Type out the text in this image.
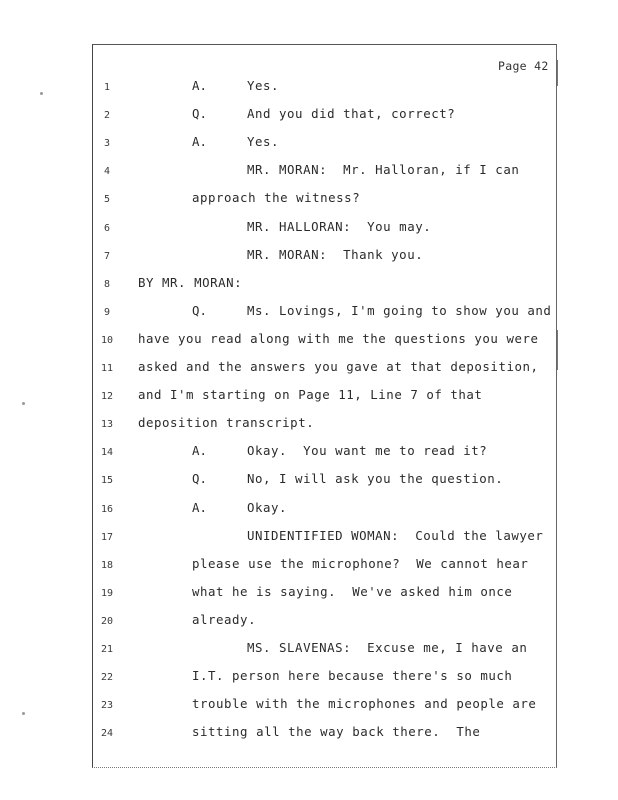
Page 42
1	A.	Yes.
2	Q.	And you did that, correct?
3	A.	Yes.
4	MR. MORAN:  Mr. Halloran, if I can
5	approach the witness?
6	MR. HALLORAN:  You may.
7	MR. MORAN:  Thank you.
8	BY MR. MORAN:
9	Q.	Ms. Lovings, I'm going to show you and
10	have you read along with me the questions you were
11	asked and the answers you gave at that deposition,
12	and I'm starting on Page 11, Line 7 of that
13	deposition transcript.
14	A.	Okay.  You want me to read it?
15	Q.	No, I will ask you the question.
16	A.	Okay.
17	UNIDENTIFIED WOMAN:  Could the lawyer
18	please use the microphone?  We cannot hear
19	what he is saying.  We've asked him once
20	already.
21	MS. SLAVENAS:  Excuse me, I have an
22	I.T. person here because there's so much
23	trouble with the microphones and people are
24	sitting all the way back there.  The
